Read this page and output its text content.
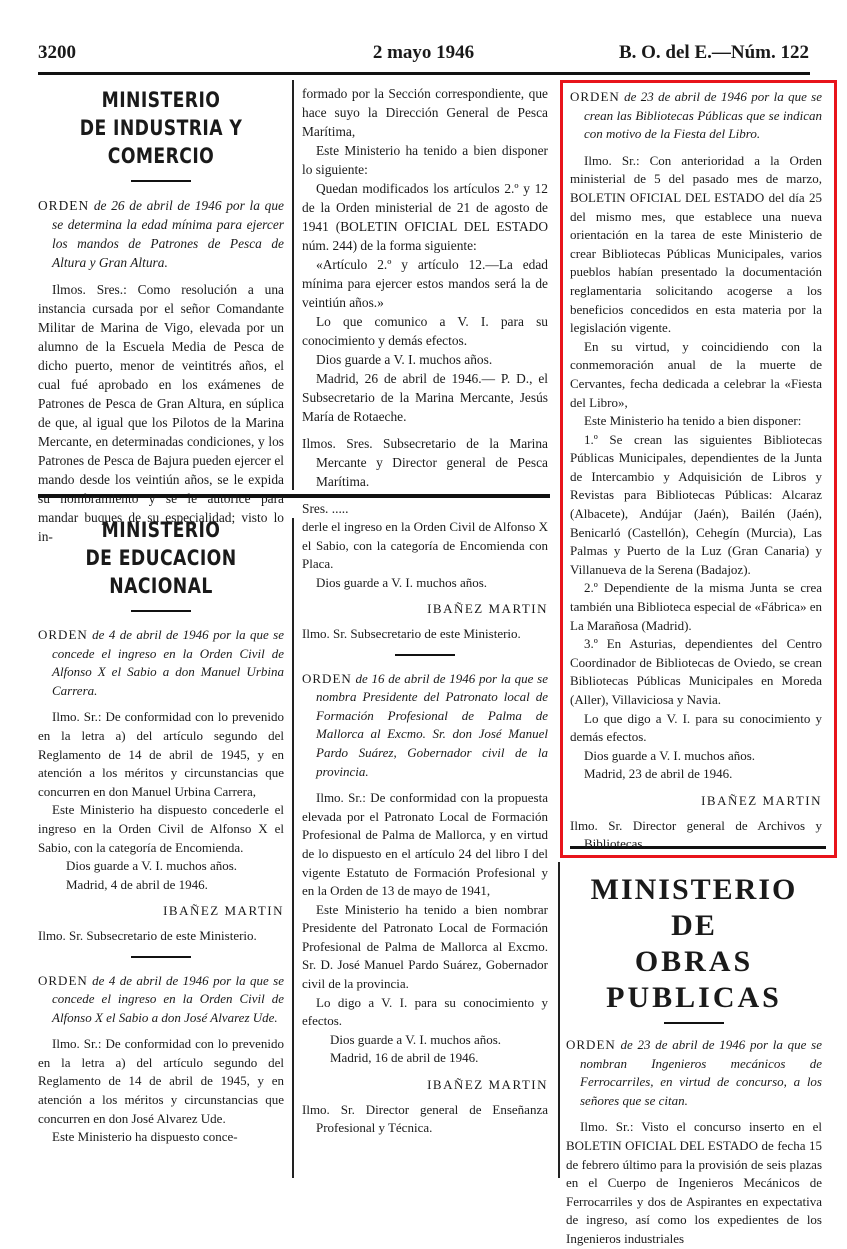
3200	2 mayo 1946	B. O. del E.—Núm. 122
MINISTERIO
DE INDUSTRIA Y COMERCIO

ORDEN de 26 de abril de 1946 por la que se determina la edad mínima para ejercer los mandos de Patrones de Pesca de Altura y Gran Altura.

Ilmos. Sres.: Como resolución a una instancia cursada por el señor Comandante Militar de Marina de Vigo, elevada por un alumno de la Escuela Media de Pesca de dicho puerto, menor de veintitrés años, el cual fué aprobado en los exámenes de Patrones de Pesca de Gran Altura, en súplica de que, al igual que los Pilotos de la Marina Mercante, en determinadas condiciones, y los Patrones de Pesca de Bajura pueden ejercer el mando desde los veintiún años, se le expida su nombramiento y se le autorice para mandar buques de su especialidad; visto lo in-	MINISTERIO
DE EDUCACION NACIONAL

ORDEN de 4 de abril de 1946 por la que se concede el ingreso en la Orden Civil de Alfonso X el Sabio a don Manuel Urbina Carrera.

Ilmo. Sr.: De conformidad con lo prevenido en la letra a) del artículo segundo del Reglamento de 14 de abril de 1945, y en atención a los méritos y circunstancias que concurren en don Manuel Urbina Carrera,

Este Ministerio ha dispuesto concederle el ingreso en la Orden Civil de Alfonso X el Sabio, con la categoría de Encomienda.

Dios guarde a V. I. muchos años.

Madrid, 4 de abril de 1946.

IBAÑEZ MARTIN

Ilmo. Sr. Subsecretario de este Ministerio.

ORDEN de 4 de abril de 1946 por la que se concede el ingreso en la Orden Civil de Alfonso X el Sabio a don José Alvarez Ude.

Ilmo. Sr.: De conformidad con lo prevenido en la letra a) del artículo segundo del Reglamento de 14 de abril de 1945, y en atención a los méritos y circunstancias que concurren en don José Alvarez Ude.

Este Ministerio ha dispuesto conce-

formado por la Sección correspondiente, que hace suyo la Dirección General de Pesca Marítima,

Este Ministerio ha tenido a bien disponer lo siguiente:

Quedan modificados los artículos 2.º y 12 de la Orden ministerial de 21 de agosto de 1941 (BOLETIN OFICIAL DEL ESTADO núm. 244) de la forma siguiente:

«Artículo 2.º y artículo 12.—La edad mínima para ejercer estos mandos será la de veintiún años.»

Lo que comunico a V. I. para su conocimiento y demás efectos.

Dios guarde a V. I. muchos años.

Madrid, 26 de abril de 1946.— P. D., el Subsecretario de la Marina Mercante, Jesús María de Rotaeche.

Ilmos. Sres. Subsecretario de la Marina Mercante y Director general de Pesca Marítima.

Sres. .....

derle el ingreso en la Orden Civil de Alfonso X el Sabio, con la categoría de Encomienda con Placa.

Dios guarde a V. I. muchos años.

IBAÑEZ MARTIN

Ilmo. Sr. Subsecretario de este Ministerio.

ORDEN de 16 de abril de 1946 por la que se nombra Presidente del Patronato local de Formación Profesional de Palma de Mallorca al Excmo. Sr. don José Manuel Pardo Suárez, Gobernador civil de la provincia.

Ilmo. Sr.: De conformidad con la propuesta elevada por el Patronato Local de Formación Profesional de Palma de Mallorca, y en virtud de lo dispuesto en el artículo 24 del libro I del vigente Estatuto de Formación Profesional y en la Orden de 13 de mayo de 1941,

Este Ministerio ha tenido a bien nombrar Presidente del Patronato Local de Formación Profesional de Palma de Mallorca al Excmo. Sr. D. José Manuel Pardo Suárez, Gobernador civil de la provincia.

Lo digo a V. I. para su conocimiento y efectos.

Dios guarde a V. I. muchos años.

Madrid, 16 de abril de 1946.

IBAÑEZ MARTIN

Ilmo. Sr. Director general de Enseñanza Profesional y Técnica.

ORDEN de 23 de abril de 1946 por la que se crean las Bibliotecas Públicas que se indican con motivo de la Fiesta del Libro.

Ilmo. Sr.: Con anterioridad a la Orden ministerial de 5 del pasado mes de marzo, BOLETIN OFICIAL DEL ESTADO del día 25 del mismo mes, que establece una nueva orientación en la tarea de este Ministerio de crear Bibliotecas Públicas Municipales, varios pueblos habían presentado la documentación reglamentaria solicitando acogerse a los beneficios concedidos en esta materia por la legislación vigente.

En su virtud, y coincidiendo con la conmemoración anual de la muerte de Cervantes, fecha dedicada a celebrar la «Fiesta del Libro»,

Este Ministerio ha tenido a bien disponer:

1.º Se crean las siguientes Bibliotecas Públicas Municipales, dependientes de la Junta de Intercambio y Adquisición de Libros y Revistas para Bibliotecas Públicas: Alcaraz (Albacete), Andújar (Jaén), Bailén (Jaén), Benicarló (Castellón), Cehegín (Murcia), Las Palmas y Puerto de la Luz (Gran Canaria) y Villanueva de la Serena (Badajoz).

2.º Dependiente de la misma Junta se crea también una Biblioteca especial de «Fábrica» en La Marañosa (Madrid).

3.º En Asturias, dependientes del Centro Coordinador de Bibliotecas de Oviedo, se crean Bibliotecas Públicas Municipales en Moreda (Aller), Villaviciosa y Navia.

Lo que digo a V. I. para su conocimiento y demás efectos.

Dios guarde a V. I. muchos años.

Madrid, 23 de abril de 1946.

IBAÑEZ MARTIN

Ilmo. Sr. Director general de Archivos y Bibliotecas.

MINISTERIO DE
OBRAS PUBLICAS

ORDEN de 23 de abril de 1946 por la que se nombran Ingenieros mecánicos de Ferrocarriles, en virtud de concurso, a los señores que se citan.

Ilmo. Sr.: Visto el concurso inserto en el BOLETIN OFICIAL DEL ESTADO de fecha 15 de febrero último para la provisión de seis plazas en el Cuerpo de Ingenieros Mecánicos de Ferrocarriles y dos de Aspirantes en expectativa de ingreso, así como los expedientes de los Ingenieros industriales
